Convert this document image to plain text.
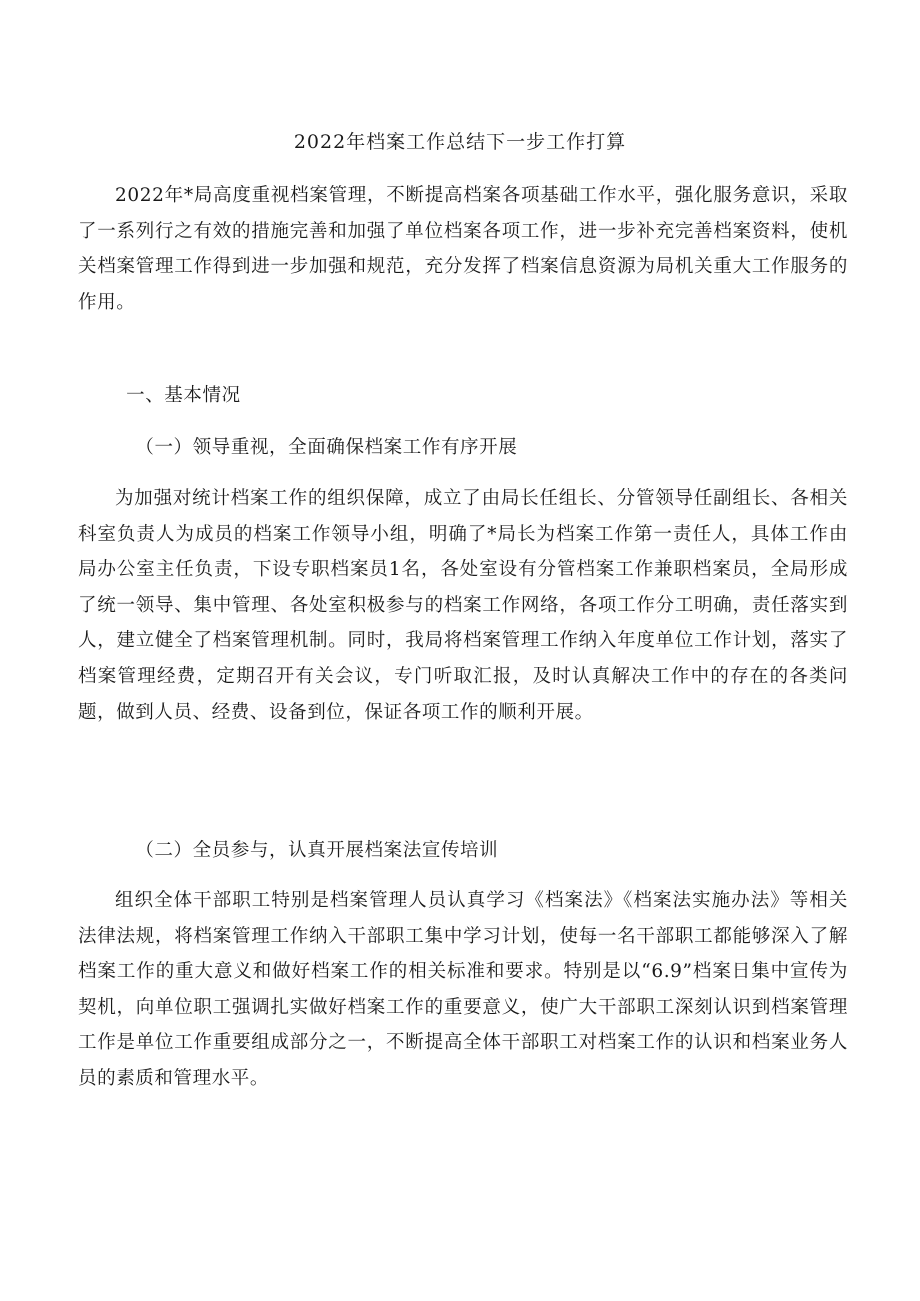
2022年档案工作总结下一步工作打算

2022年*局高度重视档案管理，不断提高档案各项基础工作水平，强化服务意识，采取了一系列行之有效的措施完善和加强了单位档案各项工作，进一步补充完善档案资料，使机关档案管理工作得到进一步加强和规范，充分发挥了档案信息资源为局机关重大工作服务的作用。

一、基本情况

（一）领导重视，全面确保档案工作有序开展

为加强对统计档案工作的组织保障，成立了由局长任组长、分管领导任副组长、各相关科室负责人为成员的档案工作领导小组，明确了*局长为档案工作第一责任人，具体工作由局办公室主任负责，下设专职档案员1名，各处室设有分管档案工作兼职档案员，全局形成了统一领导、集中管理、各处室积极参与的档案工作网络，各项工作分工明确，责任落实到人，建立健全了档案管理机制。同时，我局将档案管理工作纳入年度单位工作计划，落实了档案管理经费，定期召开有关会议，专门听取汇报，及时认真解决工作中的存在的各类问题，做到人员、经费、设备到位，保证各项工作的顺利开展。

（二）全员参与，认真开展档案法宣传培训

组织全体干部职工特别是档案管理人员认真学习《档案法》《档案法实施办法》等相关法律法规，将档案管理工作纳入干部职工集中学习计划，使每一名干部职工都能够深入了解档案工作的重大意义和做好档案工作的相关标准和要求。特别是以“6.9”档案日集中宣传为契机，向单位职工强调扎实做好档案工作的重要意义，使广大干部职工深刻认识到档案管理工作是单位工作重要组成部分之一，不断提高全体干部职工对档案工作的认识和档案业务人员的素质和管理水平。
